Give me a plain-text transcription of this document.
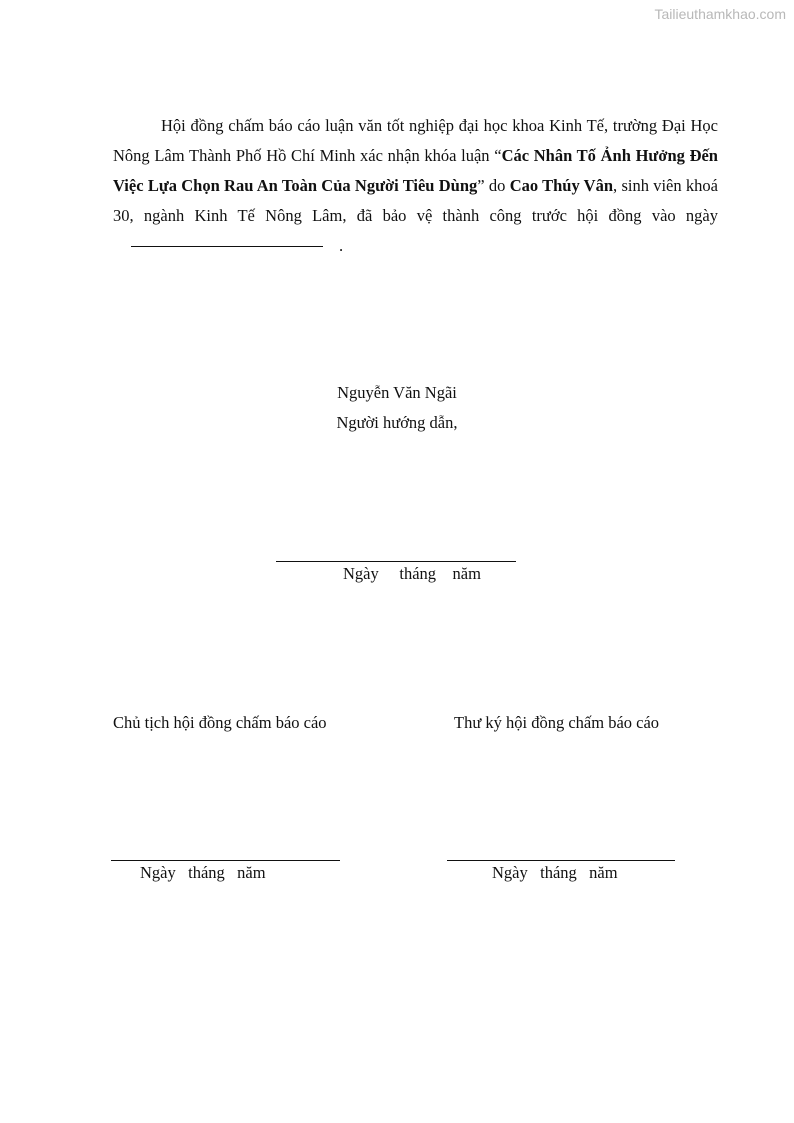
Tailieuthamkhao.com
Hội đồng chấm báo cáo luận văn tốt nghiệp đại học khoa Kinh Tế, trường Đại Học Nông Lâm Thành Phố Hồ Chí Minh xác nhận khóa luận “Các Nhân Tố Ảnh Hưởng Đến Việc Lựa Chọn Rau An Toàn Của Người Tiêu Dùng” do Cao Thúy Vân, sinh viên khoá 30, ngành Kinh Tế Nông Lâm, đã bảo vệ thành công trước hội đồng vào ngày.
Nguyễn Văn Ngãi
Người hướng dẫn,
Ngày     tháng    năm
Chủ tịch hội đồng chấm báo cáo	Thư ký hội đồng chấm báo cáo
Ngày   tháng   năm	Ngày   tháng   năm
